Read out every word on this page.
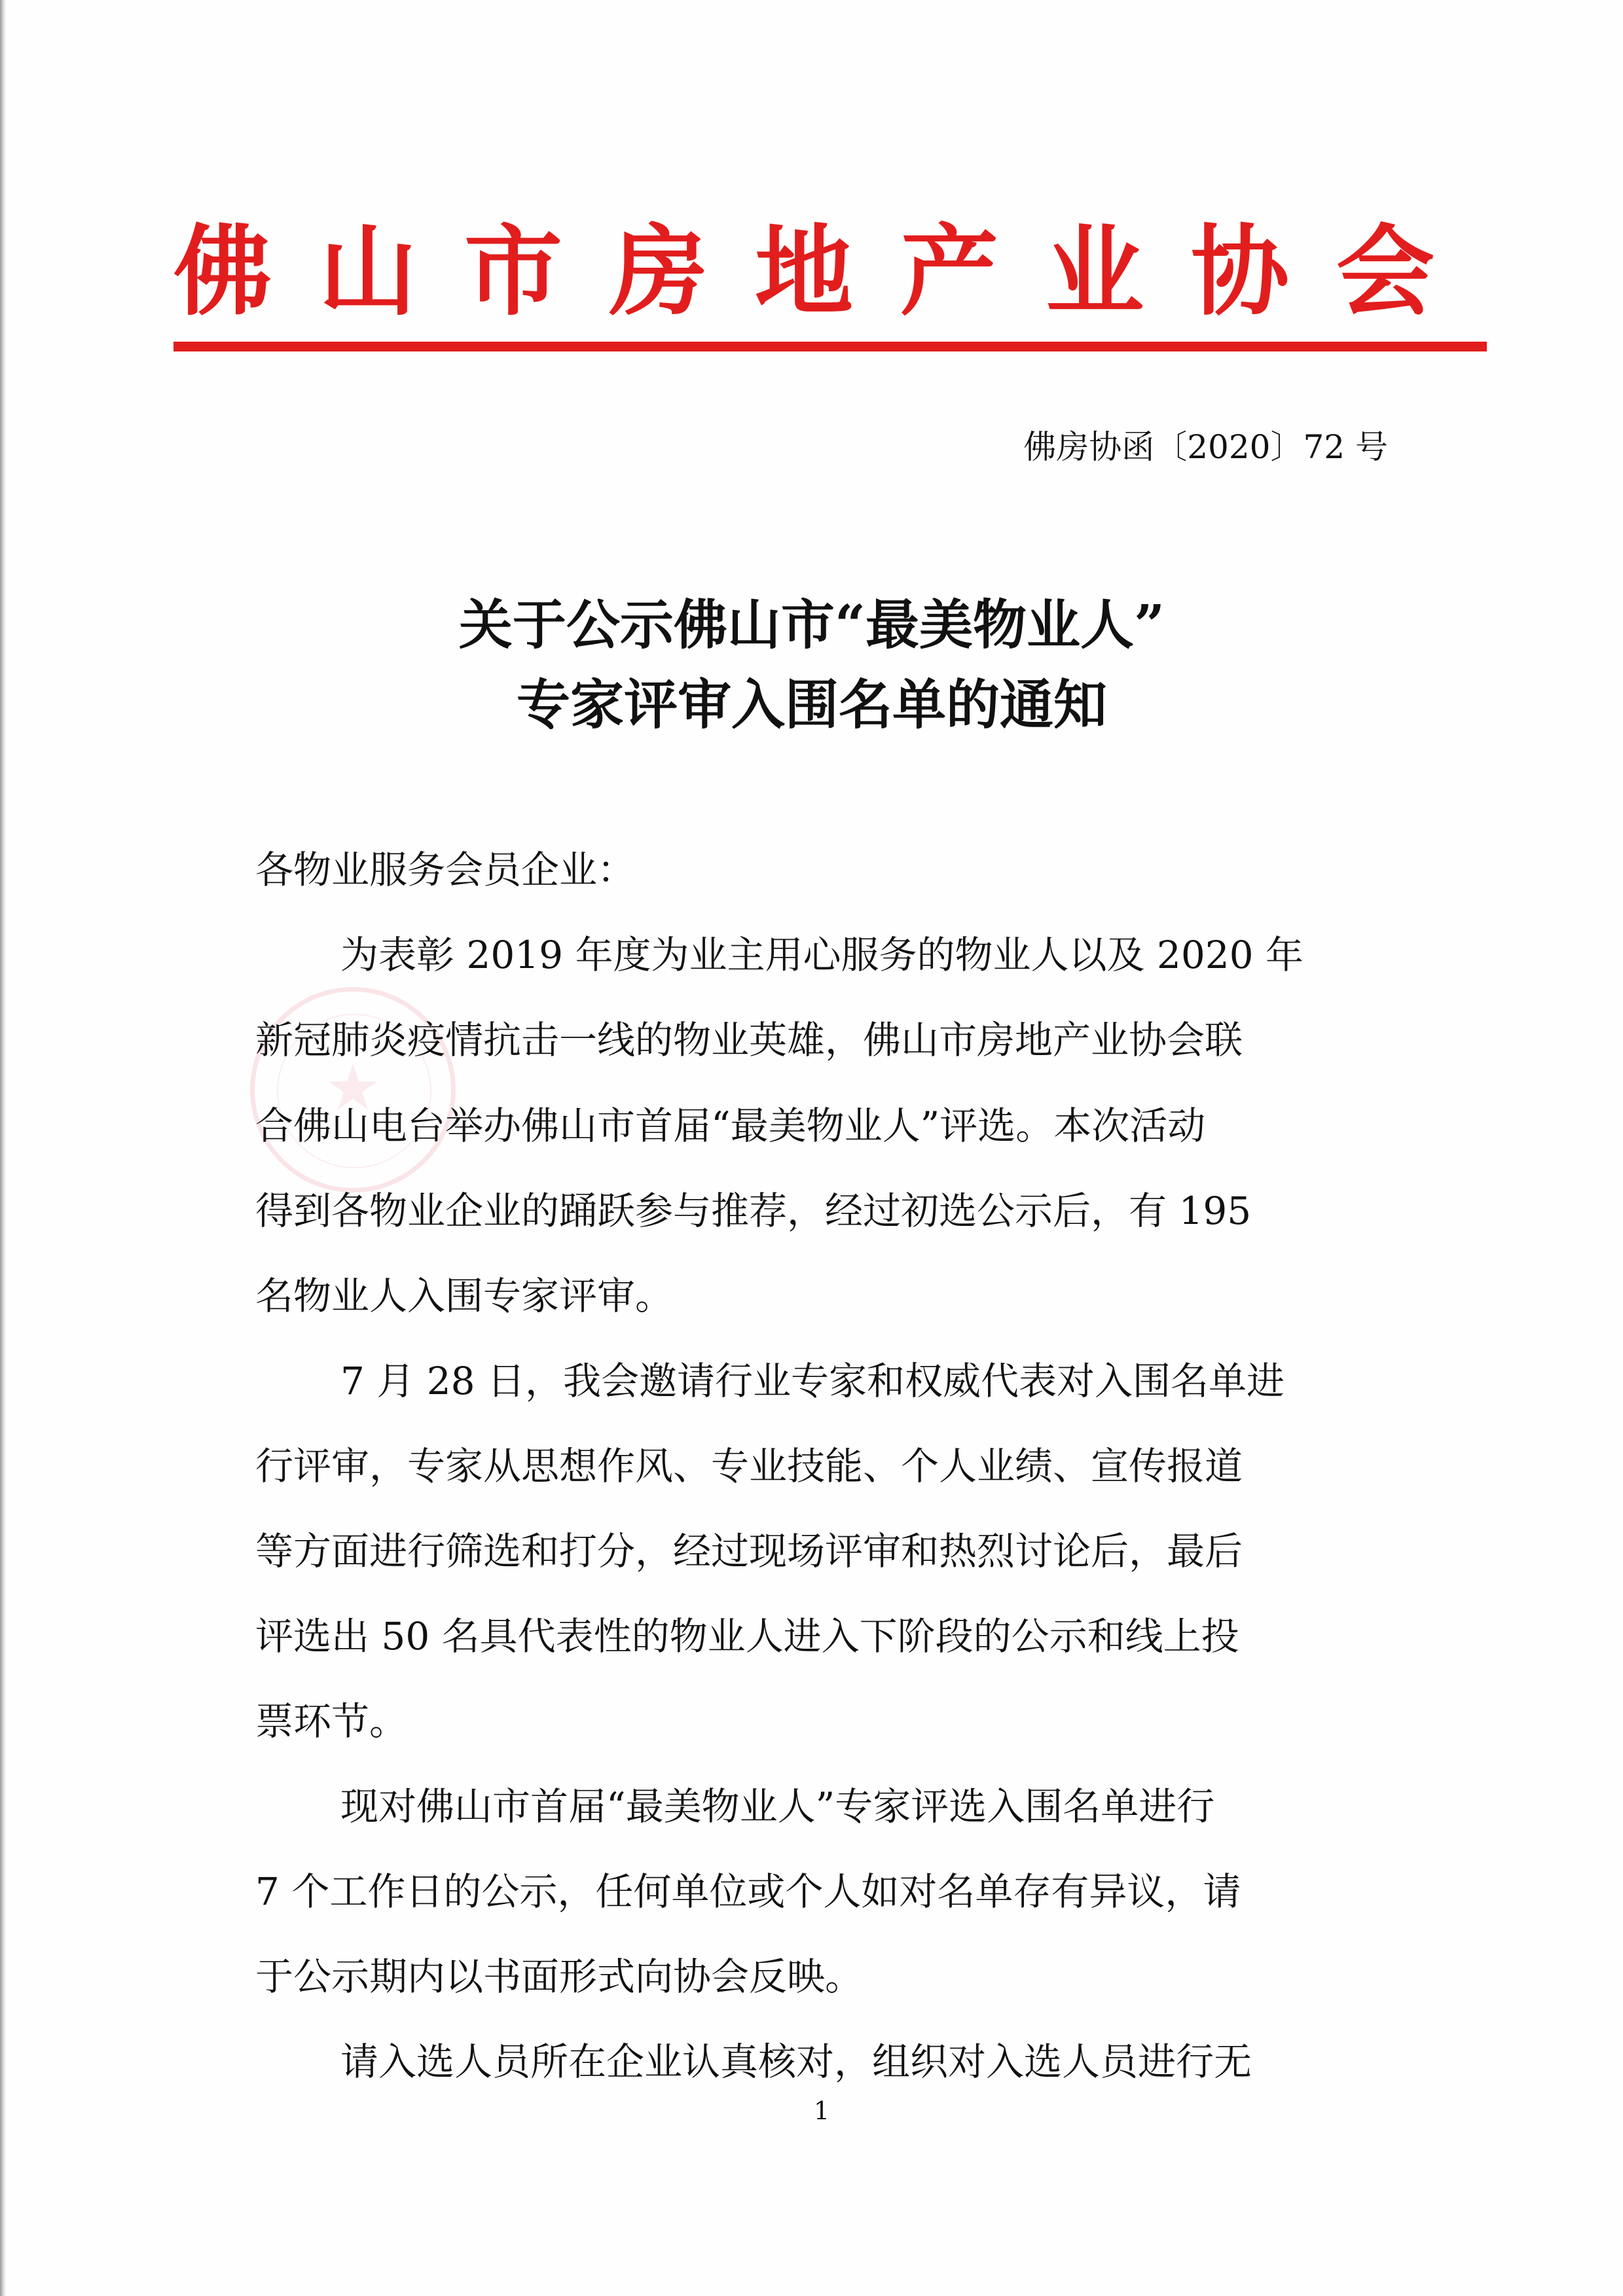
佛山市房地产业协会
佛房协函〔2020〕72 号
关于公示佛山市“最美物业人”
专家评审入围名单的通知
★
各物业服务会员企业：
为表彰 2019 年度为业主用心服务的物业人以及 2020 年
新冠肺炎疫情抗击一线的物业英雄，佛山市房地产业协会联
合佛山电台举办佛山市首届“最美物业人”评选。本次活动
得到各物业企业的踊跃参与推荐，经过初选公示后，有 195
名物业人入围专家评审。
7 月 28 日，我会邀请行业专家和权威代表对入围名单进
行评审，专家从思想作风、专业技能、个人业绩、宣传报道
等方面进行筛选和打分，经过现场评审和热烈讨论后，最后
评选出 50 名具代表性的物业人进入下阶段的公示和线上投
票环节。
现对佛山市首届“最美物业人”专家评选入围名单进行
7 个工作日的公示，任何单位或个人如对名单存有异议，请
于公示期内以书面形式向协会反映。
请入选人员所在企业认真核对，组织对入选人员进行无
1
